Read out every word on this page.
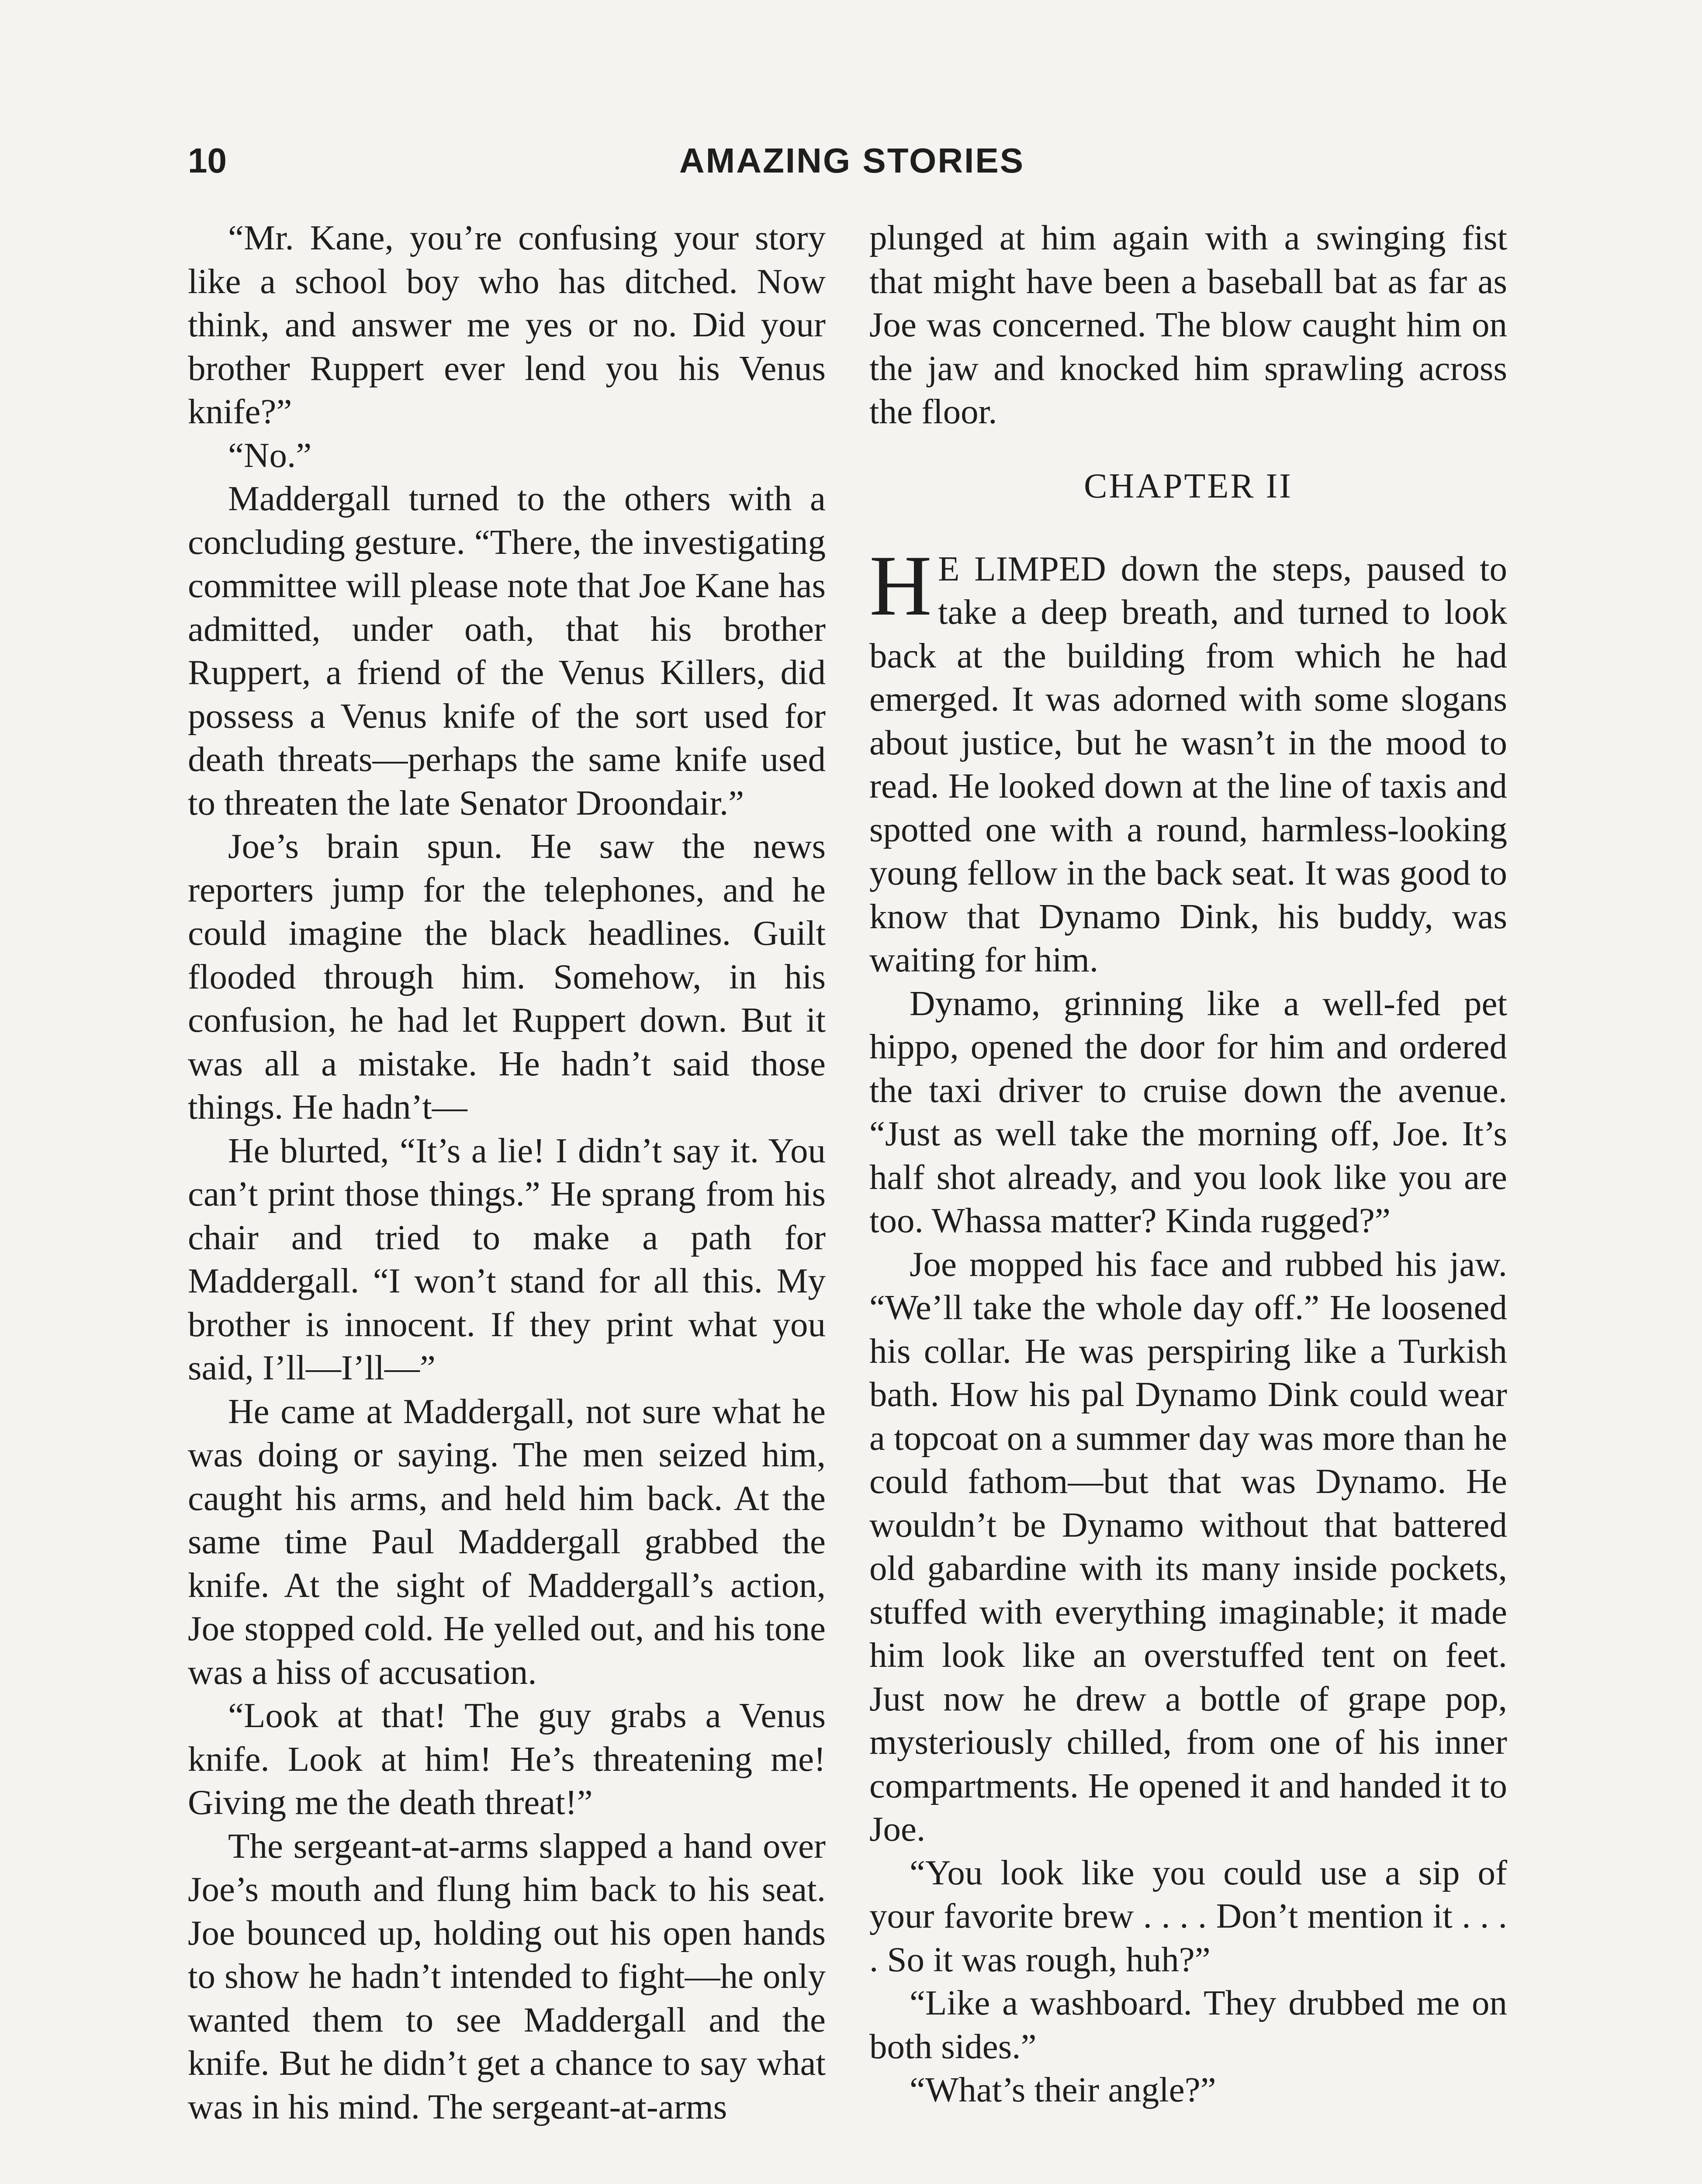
10	AMAZING STORIES

“Mr. Kane, you’re confusing your story like a school boy who has ditched. Now think, and answer me yes or no. Did your brother Ruppert ever lend you his Venus knife?”

“No.”

Maddergall turned to the others with a concluding gesture. “There, the investigating committee will please note that Joe Kane has admitted, under oath, that his brother Ruppert, a friend of the Venus Killers, did possess a Venus knife of the sort used for death threats—perhaps the same knife used to threaten the late Senator Droondair.”

Joe’s brain spun. He saw the news reporters jump for the telephones, and he could imagine the black headlines. Guilt flooded through him. Somehow, in his confusion, he had let Ruppert down. But it was all a mistake. He hadn’t said those things. He hadn’t—

He blurted, “It’s a lie! I didn’t say it. You can’t print those things.” He sprang from his chair and tried to make a path for Maddergall. “I won’t stand for all this. My brother is innocent. If they print what you said, I’ll—I’ll—”

He came at Maddergall, not sure what he was doing or saying. The men seized him, caught his arms, and held him back. At the same time Paul Maddergall grabbed the knife. At the sight of Maddergall’s action, Joe stopped cold. He yelled out, and his tone was a hiss of accusation.

“Look at that! The guy grabs a Venus knife. Look at him! He’s threatening me! Giving me the death threat!”

The sergeant-at-arms slapped a hand over Joe’s mouth and flung him back to his seat. Joe bounced up, holding out his open hands to show he hadn’t intended to fight—he only wanted them to see Maddergall and the knife. But he didn’t get a chance to say what was in his mind. The sergeant-at-arms

plunged at him again with a swinging fist that might have been a baseball bat as far as Joe was concerned. The blow caught him on the jaw and knocked him sprawling across the floor.

CHAPTER II

H E LIMPED down the steps, paused to take a deep breath, and turned to look back at the building from which he had emerged. It was adorned with some slogans about justice, but he wasn’t in the mood to read. He looked down at the line of taxis and spotted one with a round, harmless-looking young fellow in the back seat. It was good to know that Dynamo Dink, his buddy, was waiting for him.

Dynamo, grinning like a well-fed pet hippo, opened the door for him and ordered the taxi driver to cruise down the avenue. “Just as well take the morning off, Joe. It’s half shot already, and you look like you are too. Whassa matter? Kinda rugged?”

Joe mopped his face and rubbed his jaw. “We’ll take the whole day off.” He loosened his collar. He was perspiring like a Turkish bath. How his pal Dynamo Dink could wear a topcoat on a summer day was more than he could fathom—but that was Dynamo. He wouldn’t be Dynamo without that battered old gabardine with its many inside pockets, stuffed with everything imaginable; it made him look like an overstuffed tent on feet. Just now he drew a bottle of grape pop, mysteriously chilled, from one of his inner compartments. He opened it and handed it to Joe.

“You look like you could use a sip of your favorite brew . . . . Don’t mention it . . . . So it was rough, huh?”

“Like a washboard. They drubbed me on both sides.”

“What’s their angle?”
